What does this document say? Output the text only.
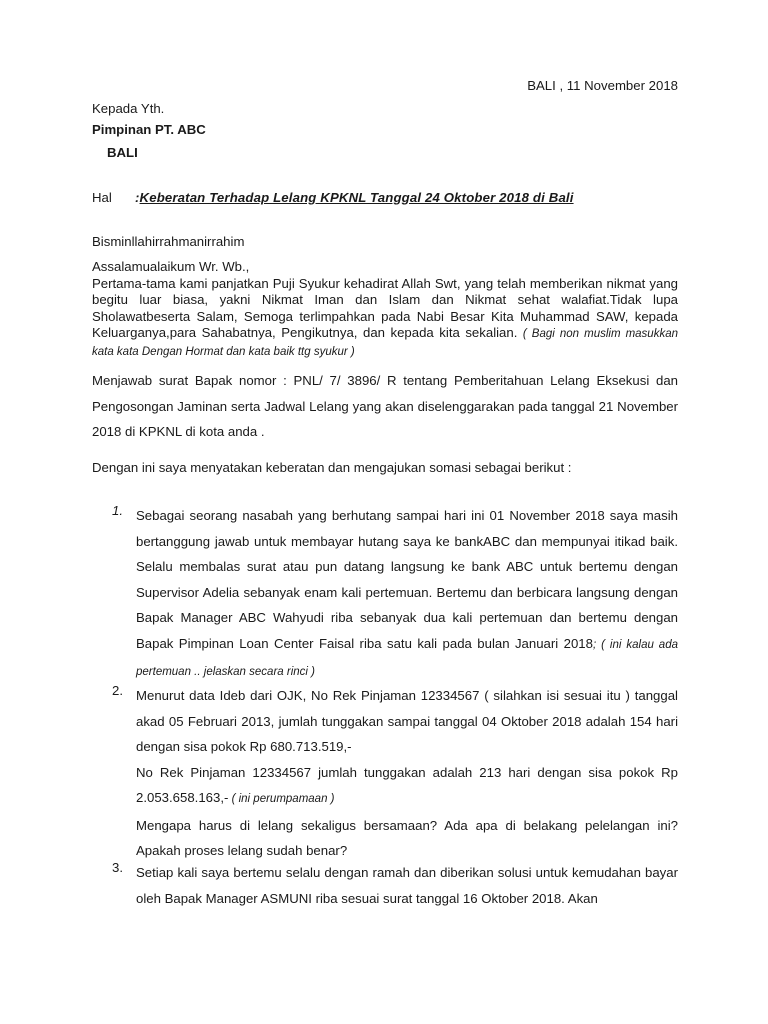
BALI , 11 November 2018
Kepada Yth.
Pimpinan PT. ABC
BALI
Hal :Keberatan Terhadap Lelang KPKNL Tanggal 24 Oktober 2018 di Bali
Bisminllahirrahmanirrahim

Assalamualaikum Wr. Wb.,

Pertama-tama kami panjatkan Puji Syukur kehadirat Allah Swt, yang telah memberikan nikmat yang begitu luar biasa, yakni Nikmat Iman dan Islam dan Nikmat sehat walafiat.Tidak lupa Sholawatbeserta Salam, Semoga terlimpahkan pada Nabi Besar Kita Muhammad SAW, kepada Keluarganya,para Sahabatnya, Pengikutnya, dan kepada kita sekalian. ( Bagi non muslim masukkan kata kata Dengan Hormat dan kata baik ttg syukur )

Menjawab surat Bapak nomor : PNL/ 7/ 3896/ R tentang Pemberitahuan Lelang Eksekusi dan Pengosongan Jaminan serta Jadwal Lelang yang akan diselenggarakan pada tanggal 21 November 2018 di KPKNL di kota anda .
Dengan ini saya menyatakan keberatan dan mengajukan somasi sebagai berikut :
1. Sebagai seorang nasabah yang berhutang sampai hari ini 01 November 2018 saya masih bertanggung jawab untuk membayar hutang saya ke bankABC dan mempunyai itikad baik. Selalu membalas surat atau pun datang langsung ke bank ABC untuk bertemu dengan Supervisor Adelia sebanyak enam kali pertemuan. Bertemu dan berbicara langsung dengan Bapak Manager ABC Wahyudi riba sebanyak dua kali pertemuan dan bertemu dengan Bapak Pimpinan Loan Center Faisal riba satu kali pada bulan Januari 2018; ( ini kalau ada pertemuan .. jelaskan secara rinci )
2. Menurut data Ideb dari OJK, No Rek Pinjaman 12334567 ( silahkan isi sesuai itu ) tanggal akad 05 Februari 2013, jumlah tunggakan sampai tanggal 04 Oktober 2018 adalah 154 hari dengan sisa pokok Rp 680.713.519,-

No Rek Pinjaman 12334567 jumlah tunggakan adalah 213 hari dengan sisa pokok Rp 2.053.658.163,- ( ini perumpamaan )

Mengapa harus di lelang sekaligus bersamaan? Ada apa di belakang pelelangan ini? Apakah proses lelang sudah benar?

3. Setiap kali saya bertemu selalu dengan ramah dan diberikan solusi untuk kemudahan bayar oleh Bapak Manager ASMUNI riba sesuai surat tanggal 16 Oktober 2018. Akan
